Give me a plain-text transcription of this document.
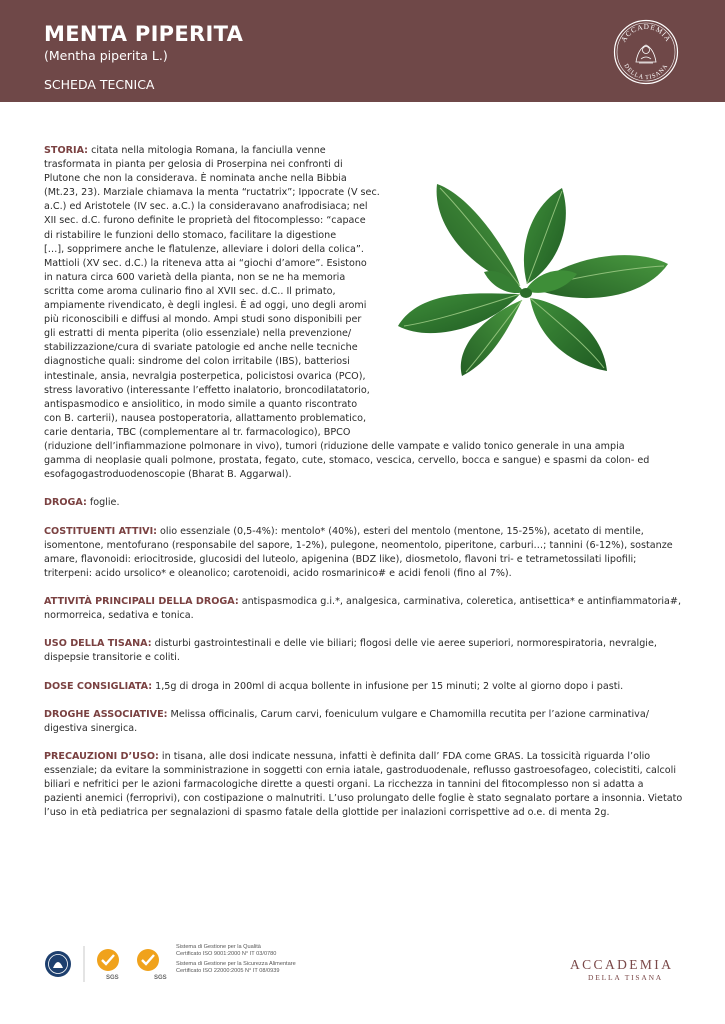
MENTA PIPERITA
(Mentha piperita L.)
SCHEDA TECNICA
ACCADEMIA
DELLA TISANA

STORIA: citata nella mitologia Romana, la fanciulla venne
trasformata in pianta per gelosia di Proserpina nei confronti di
Plutone che non la considerava. È nominata anche nella Bibbia
(Mt.23, 23). Marziale chiamava la menta “ructatrix”; Ippocrate (V sec.
a.C.) ed Aristotele (IV sec. a.C.) la consideravano anafrodisiaca; nel
XII sec. d.C. furono definite le proprietà del fitocomplesso: “capace
di ristabilire le funzioni dello stomaco, facilitare la digestione
[…], sopprimere anche le flatulenze, alleviare i dolori della colica”.
Mattioli (XV sec. d.C.) la riteneva atta ai “giochi d’amore”. Esistono
in natura circa 600 varietà della pianta, non se ne ha memoria
scritta come aroma culinario fino al XVII sec. d.C.. Il primato,
ampiamente rivendicato, è degli inglesi. È ad oggi, uno degli aromi
più riconoscibili e diffusi al mondo. Ampi studi sono disponibili per
gli estratti di menta piperita (olio essenziale) nella prevenzione/
stabilizzazione/cura di svariate patologie ed anche nelle tecniche
diagnostiche quali: sindrome del colon irritabile (IBS), batteriosi
intestinale, ansia, nevralgia posterpetica, policistosi ovarica (PCO),
stress lavorativo (interessante l’effetto inalatorio, broncodilatatorio,
antispasmodico e ansiolitico, in modo simile a quanto riscontrato
con B. carterii), nausea postoperatoria, allattamento problematico,
carie dentaria, TBC (complementare al tr. farmacologico), BPCO
(riduzione dell’infiammazione polmonare in vivo), tumori (riduzione delle vampate e valido tonico generale in una ampia
gamma di neoplasie quali polmone, prostata, fegato, cute, stomaco, vescica, cervello, bocca e sangue) e spasmi da colon- ed
esofagogastroduodenoscopie (Bharat B. Aggarwal).

DROGA: foglie.

COSTITUENTI ATTIVI: olio essenziale (0,5-4%): mentolo* (40%), esteri del mentolo (mentone, 15-25%), acetato di mentile, isomentone, mentofurano (responsabile del sapore, 1-2%), pulegone, neomentolo, piperitone, carburi…; tannini (6-12%), sostanze amare, flavonoidi: eriocitroside, glucosidi del luteolo, apigenina (BDZ like), diosmetolo, flavoni tri- e tetrametossilati lipofili; triterpeni: acido ursolico* e oleanolico; carotenoidi, acido rosmarinico# e acidi fenoli (fino al 7%).

ATTIVITÀ PRINCIPALI DELLA DROGA: antispasmodica g.i.*, analgesica, carminativa, coleretica, antisettica* e antinfiammatoria#, normorreica, sedativa e tonica.

USO DELLA TISANA: disturbi gastrointestinali e delle vie biliari; flogosi delle vie aeree superiori, normorespiratoria, nevralgie, dispepsie transitorie e coliti.

DOSE CONSIGLIATA: 1,5g di droga in 200ml di acqua bollente in infusione per 15 minuti; 2 volte al giorno dopo i pasti.

DROGHE ASSOCIATIVE: Melissa officinalis, Carum carvi, foeniculum vulgare e Chamomilla recutita per l’azione carminativa/ digestiva sinergica.

PRECAUZIONI D’USO: in tisana, alle dosi indicate nessuna, infatti è definita dall’ FDA come GRAS. La tossicità riguarda l’olio essenziale; da evitare la somministrazione in soggetti con ernia iatale, gastroduodenale, reflusso gastroesofageo, colecistiti, calcoli biliari e nefritici per le azioni farmacologiche dirette a questi organi. La ricchezza in tannini del fitocomplesso non si adatta a pazienti anemici (ferroprivi), con costipazione o malnutriti. L’uso prolungato delle foglie è stato segnalato portare a insonnia. Vietato l’uso in età pediatrica per segnalazioni di spasmo fatale della glottide per inalazioni corrispettive ad o.e. di menta 2g.

SGS	SGS
Sistema di Gestione per la Qualità
Certificato ISO 9001:2000 N° IT 03/0780
Sistema di Gestione per la Sicurezza Alimentare
Certificato ISO 22000:2005 N° IT 08/0939	ACCADEMIA
DELLA TISANA
